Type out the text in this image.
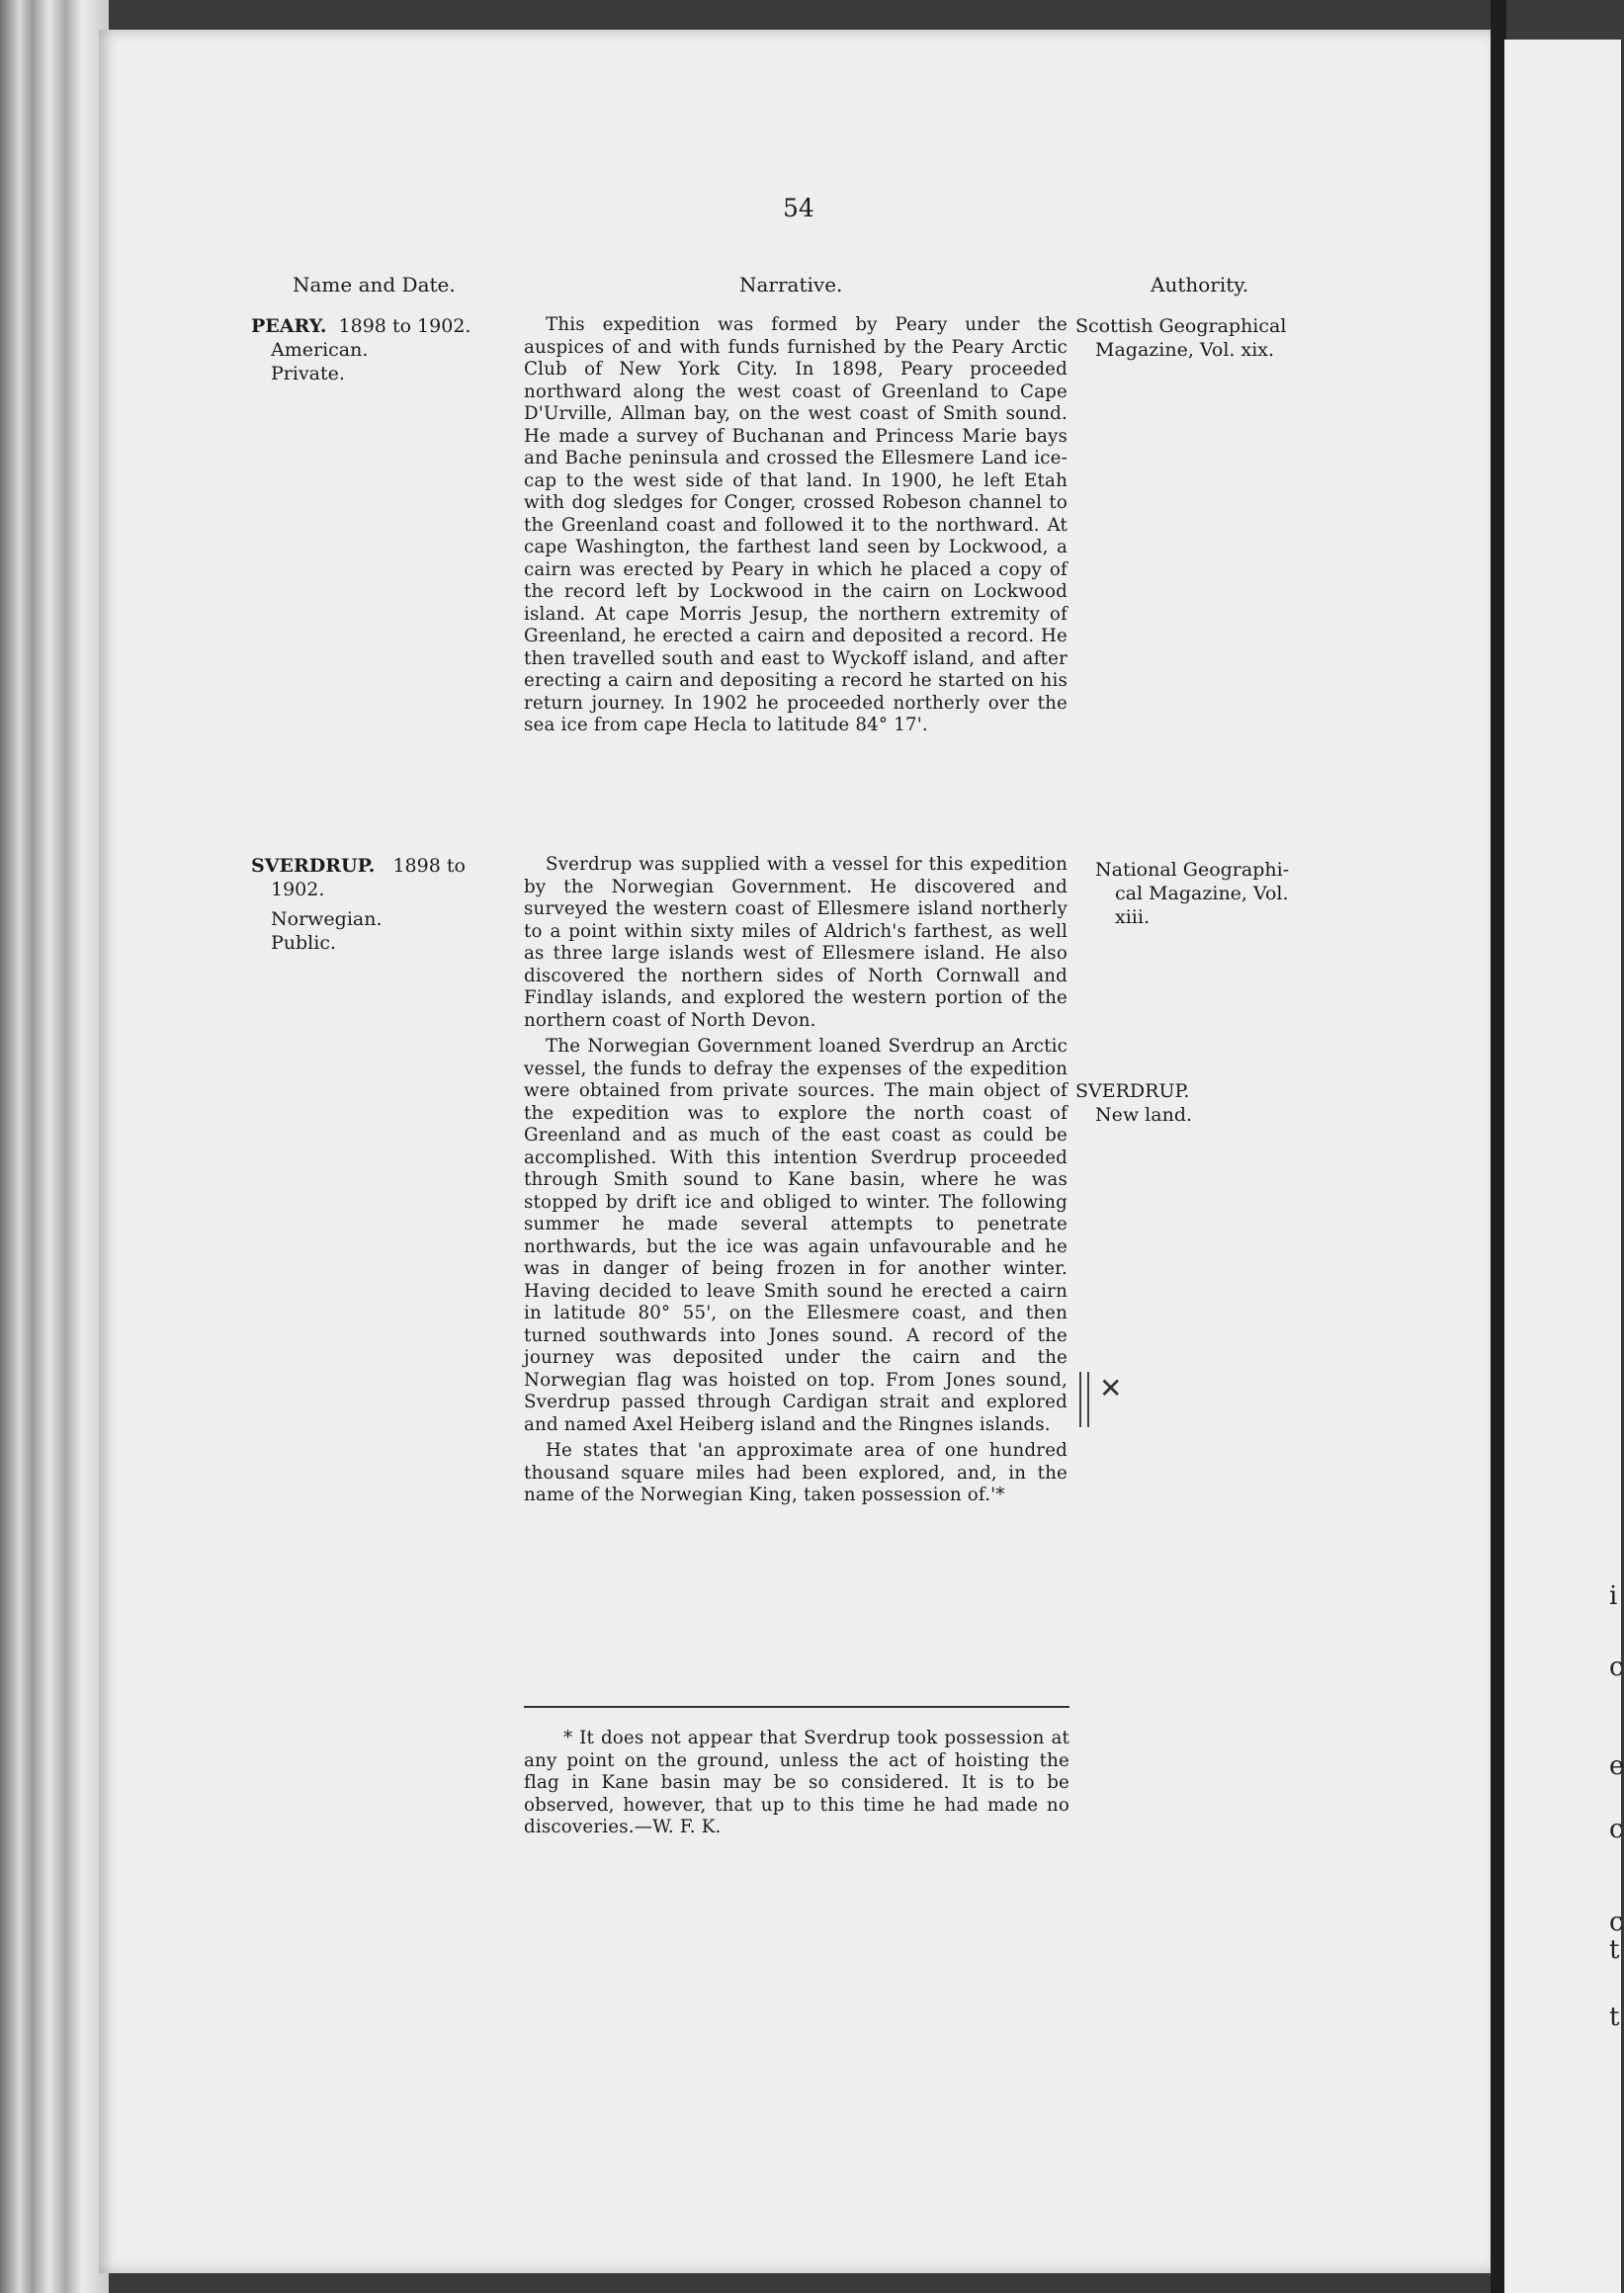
i
c
e
c
c
t
t
54
Name and Date.	Narrative.	Authority.
PEARY. 1898 to 1902.
American.
Private.

This expedition was formed by Peary under the auspices of and with funds furnished by the Peary Arctic Club of New York City. In 1898, Peary proceeded northward along the west coast of Greenland to Cape D'Urville, Allman bay, on the west coast of Smith sound. He made a survey of Buchanan and Princess Marie bays and Bache peninsula and crossed the Ellesmere Land ice-cap to the west side of that land. In 1900, he left Etah with dog sledges for Conger, crossed Robeson channel to the Greenland coast and followed it to the northward. At cape Washington, the farthest land seen by Lockwood, a cairn was erected by Peary in which he placed a copy of the record left by Lockwood in the cairn on Lockwood island. At cape Morris Jesup, the northern extremity of Greenland, he erected a cairn and deposited a record. He then travelled south and east to Wyckoff island, and after erecting a cairn and depositing a record he started on his return journey. In 1902 he proceeded northerly over the sea ice from cape Hecla to latitude 84° 17'.

Scottish Geographical
Magazine, Vol. xix.
SVERDRUP. 1898 to
1902.
Norwegian.
Public.

Sverdrup was supplied with a vessel for this expedition by the Norwegian Government. He discovered and surveyed the western coast of Ellesmere island northerly to a point within sixty miles of Aldrich's farthest, as well as three large islands west of Ellesmere island. He also discovered the northern sides of North Cornwall and Findlay islands, and explored the western portion of the northern coast of North Devon.

The Norwegian Government loaned Sverdrup an Arctic vessel, the funds to defray the expenses of the expedition were obtained from private sources. The main object of the expedition was to explore the north coast of Greenland and as much of the east coast as could be accomplished. With this intention Sverdrup proceeded through Smith sound to Kane basin, where he was stopped by drift ice and obliged to winter. The following summer he made several attempts to penetrate northwards, but the ice was again unfavourable and he was in danger of being frozen in for another winter. Having decided to leave Smith sound he erected a cairn in latitude 80° 55', on the Ellesmere coast, and then turned southwards into Jones sound. A record of the journey was deposited under the cairn and the Norwegian flag was hoisted on top. From Jones sound, Sverdrup passed through Cardigan strait and explored and named Axel Heiberg island and the Ringnes islands.

He states that 'an approximate area of one hundred thousand square miles had been explored, and, in the name of the Norwegian King, taken possession of.'*

National Geographi-
cal Magazine, Vol.
xiii.
SVERDRUP.
New land.
✕

* It does not appear that Sverdrup took possession at any point on the ground, unless the act of hoisting the flag in Kane basin may be so considered. It is to be observed, however, that up to this time he had made no discoveries.—W. F. K.
